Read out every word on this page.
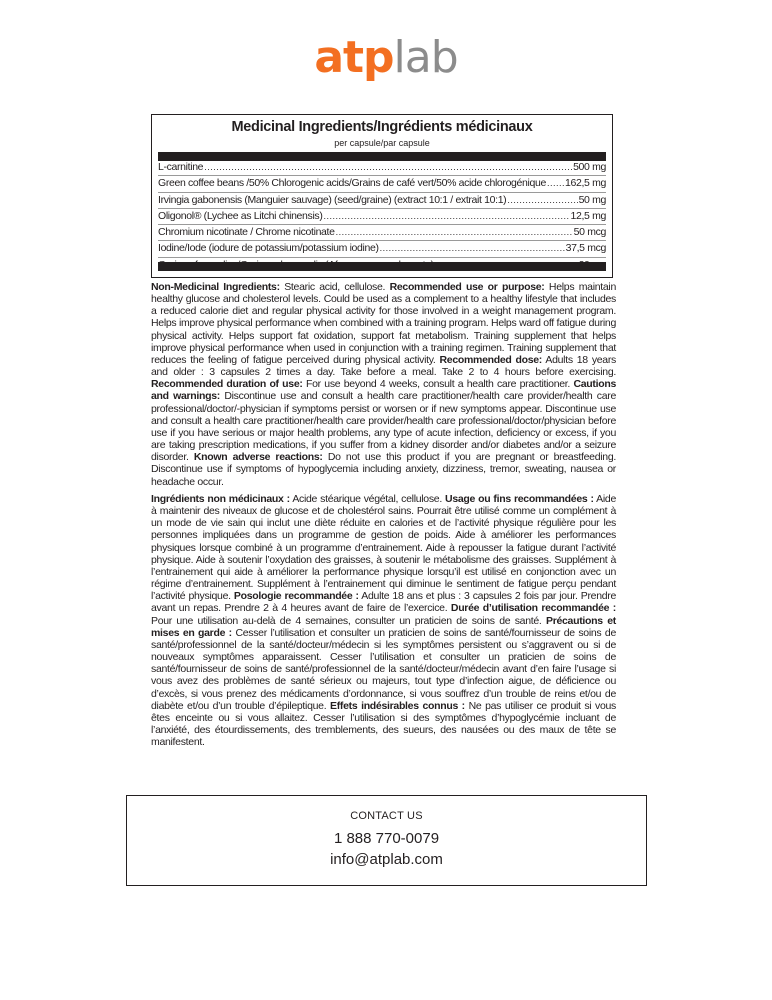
atplab
Medicinal Ingredients/Ingrédients médicinaux
per capsule/par capsule
L-carnitine .....	500 mg
Green coffee beans /50% Chlorogenic acids/Grains de café vert/50% acide chlorogénique ..... 162,5 mg
Irvingia gabonensis (Manguier sauvage) (seed/graine) (extract 10:1 / extrait 10:1) .....	50 mg
Oligonol® (Lychee as Litchi chinensis) .....	12,5 mg
Chromium nicotinate / Chrome nicotinate .....	50 mcg
Iodine/Iode (iodure de potassium/potassium iodine) .....	37,5 mcg
.....
Non-Medicinal Ingredients: Stearic acid, cellulose. Recommended use or purpose: Helps maintain healthy glucose and cholesterol levels. Could be used as a complement to a healthy lifestyle that includes a reduced calorie diet and regular physical activity for those involved in a weight management program. Helps improve physical performance when combined with a training program. Helps ward off fatigue during physical activity. Helps support fat oxidation, support fat metabolism. Training supplement that helps improve physical performance when used in conjunction with a training regimen. Training supplement that reduces the feeling of fatigue perceived during physical activity. Recommended dose: Adults 18 years and older : 3 capsules 2 times a day. Take before a meal. Take 2 to 4 hours before exercising. Recommended duration of use: For use beyond 4 weeks, consult a health care practitioner. Cautions and warnings: Discontinue use and consult a health care practitioner/health care provider/health care professional/doctor/-physician if symptoms persist or worsen or if new symptoms appear. Discontinue use and consult a health care practitioner/health care provider/health care professional/doctor/physician before use if you have serious or major health problems, any type of acute infection, deficiency or excess, if you are taking prescription medications, if you suffer from a kidney disorder and/or diabetes and/or a seizure disorder. Known adverse reactions: Do not use this product if you are pregnant or breastfeeding. Discontinue use if symptoms of hypoglycemia including anxiety, dizziness, tremor, sweating, nausea or headache occur.
Ingrédients non médicinaux : Acide stéarique végétal, cellulose. Usage ou fins recommandées : Aide à maintenir des niveaux de glucose et de cholestérol sains. Pourrait être utilisé comme un complément à un mode de vie sain qui inclut une diète réduite en calories et de l’activité physique régulière pour les personnes impliquées dans un programme de gestion de poids. Aide à améliorer les performances physiques lorsque combiné à un programme d’entrainement. Aide à repousser la fatigue durant l’activité physique. Aide à soutenir l’oxydation des graisses, à soutenir le métabolisme des graisses. Supplément à l’entrainement qui aide à améliorer la performance physique lorsqu’il est utilisé en conjonction avec un régime d’entrainement. Supplément à l’entrainement qui diminue le sentiment de fatigue perçu pendant l’activité physique. Posologie recommandée : Adulte 18 ans et plus : 3 capsules 2 fois par jour. Prendre avant un repas. Prendre 2 à 4 heures avant de faire de l’exercice. Durée d’utilisation recommandée : Pour une utilisation au-delà de 4 semaines, consulter un praticien de soins de santé. Précautions et mises en garde : Cesser l’utilisation et consulter un praticien de soins de santé/fournisseur de soins de santé/professionnel de la santé/docteur/médecin si les symptômes persistent ou s’aggravent ou si de nouveaux symptômes apparaissent. Cesser l’utilisation et consulter un praticien de soins de santé/fournisseur de soins de santé/professionnel de la santé/docteur/médecin avant d’en faire l’usage si vous avez des problèmes de santé sérieux ou majeurs, tout type d’infection aigue, de déficience ou d’excès, si vous prenez des médicaments d’ordonnance, si vous souffrez d’un trouble de reins et/ou de diabète et/ou d’un trouble d’épileptique. Effets indésirables connus : Ne pas utiliser ce produit si vous êtes enceinte ou si vous allaitez. Cesser l’utilisation si des symptômes d’hypoglycémie incluant de l’anxiété, des étourdissements, des tremblements, des sueurs, des nausées ou des maux de tête se manifestent.
CONTACT US
1 888 770-0079
info@atplab.com
